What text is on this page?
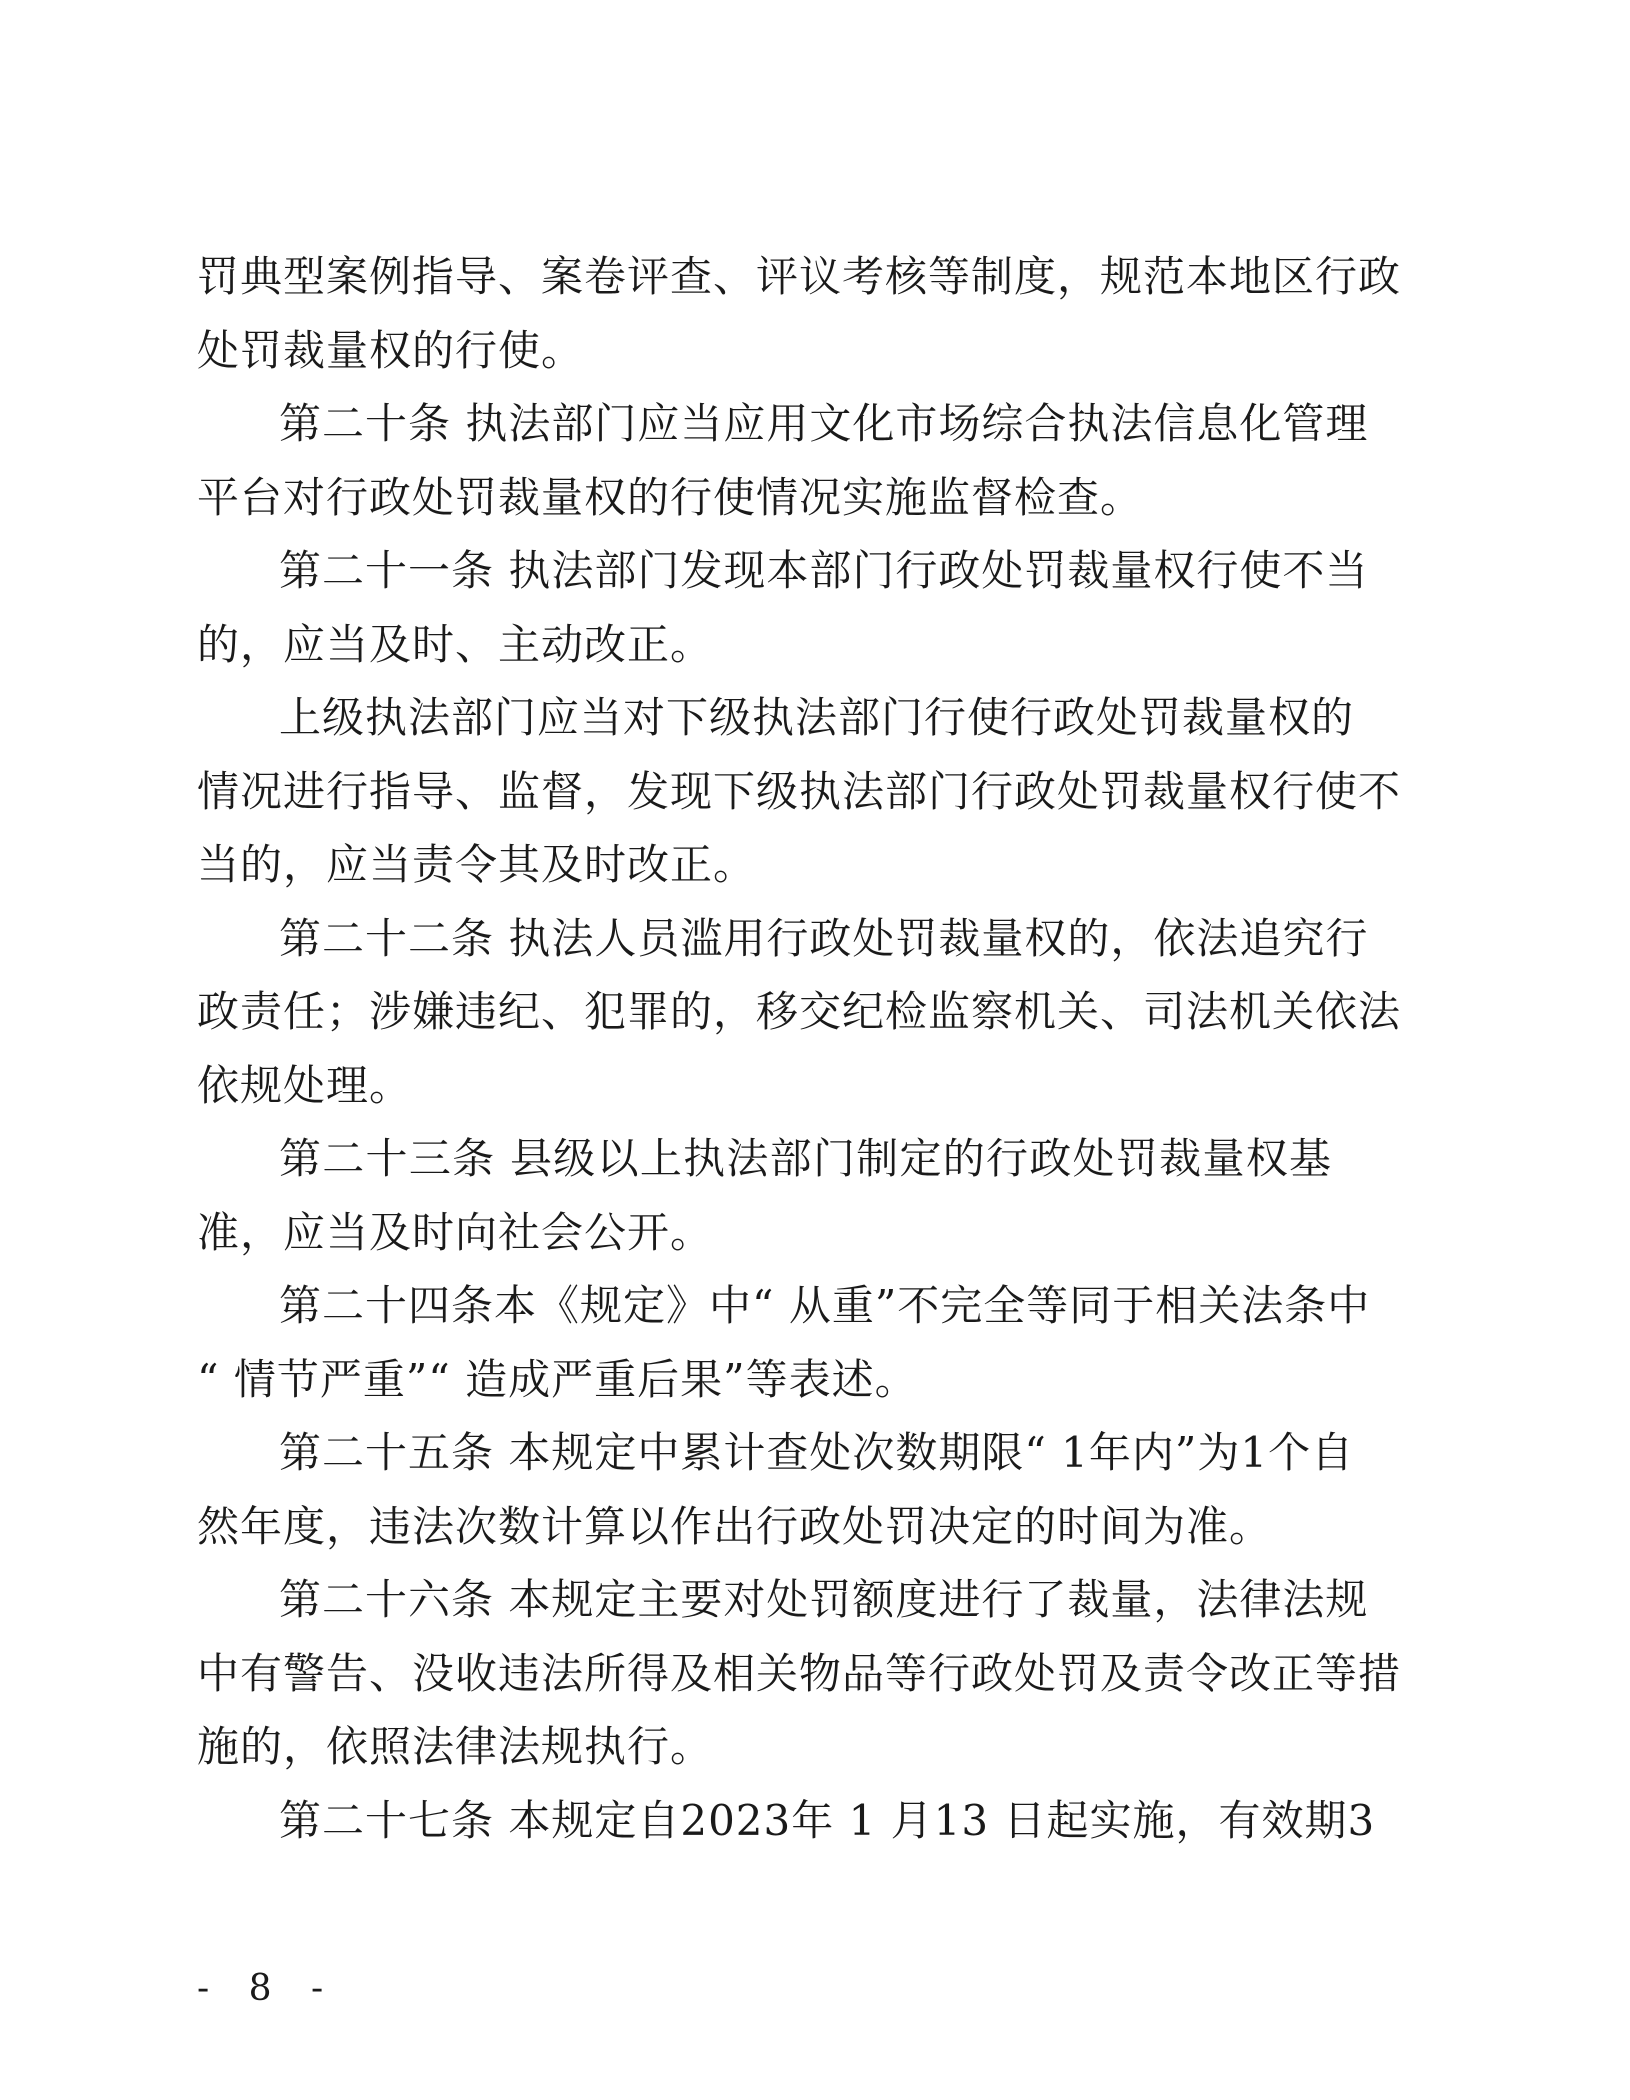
罚典型案例指导、案卷评查、评议考核等制度，规范本地区行政
处罚裁量权的行使。
第二十条 执法部门应当应用文化市场综合执法信息化管理
平台对行政处罚裁量权的行使情况实施监督检查。
第二十一条 执法部门发现本部门行政处罚裁量权行使不当
的，应当及时、主动改正。
上级执法部门应当对下级执法部门行使行政处罚裁量权的
情况进行指导、监督，发现下级执法部门行政处罚裁量权行使不
当的，应当责令其及时改正。
第二十二条 执法人员滥用行政处罚裁量权的，依法追究行
政责任；涉嫌违纪、犯罪的，移交纪检监察机关、司法机关依法
依规处理。
第二十三条 县级以上执法部门制定的行政处罚裁量权基
准，应当及时向社会公开。
第二十四条本《规定》中“ 从重”不完全等同于相关法条中
“ 情节严重”“ 造成严重后果”等表述。
第二十五条 本规定中累计查处次数期限“ 1年内”为1个自
然年度，违法次数计算以作出行政处罚决定的时间为准。
第二十六条 本规定主要对处罚额度进行了裁量，法律法规
中有警告、没收违法所得及相关物品等行政处罚及责令改正等措
施的，依照法律法规执行。
第二十七条 本规定自2023年 1 月13 日起实施，有效期3
- 8 -
